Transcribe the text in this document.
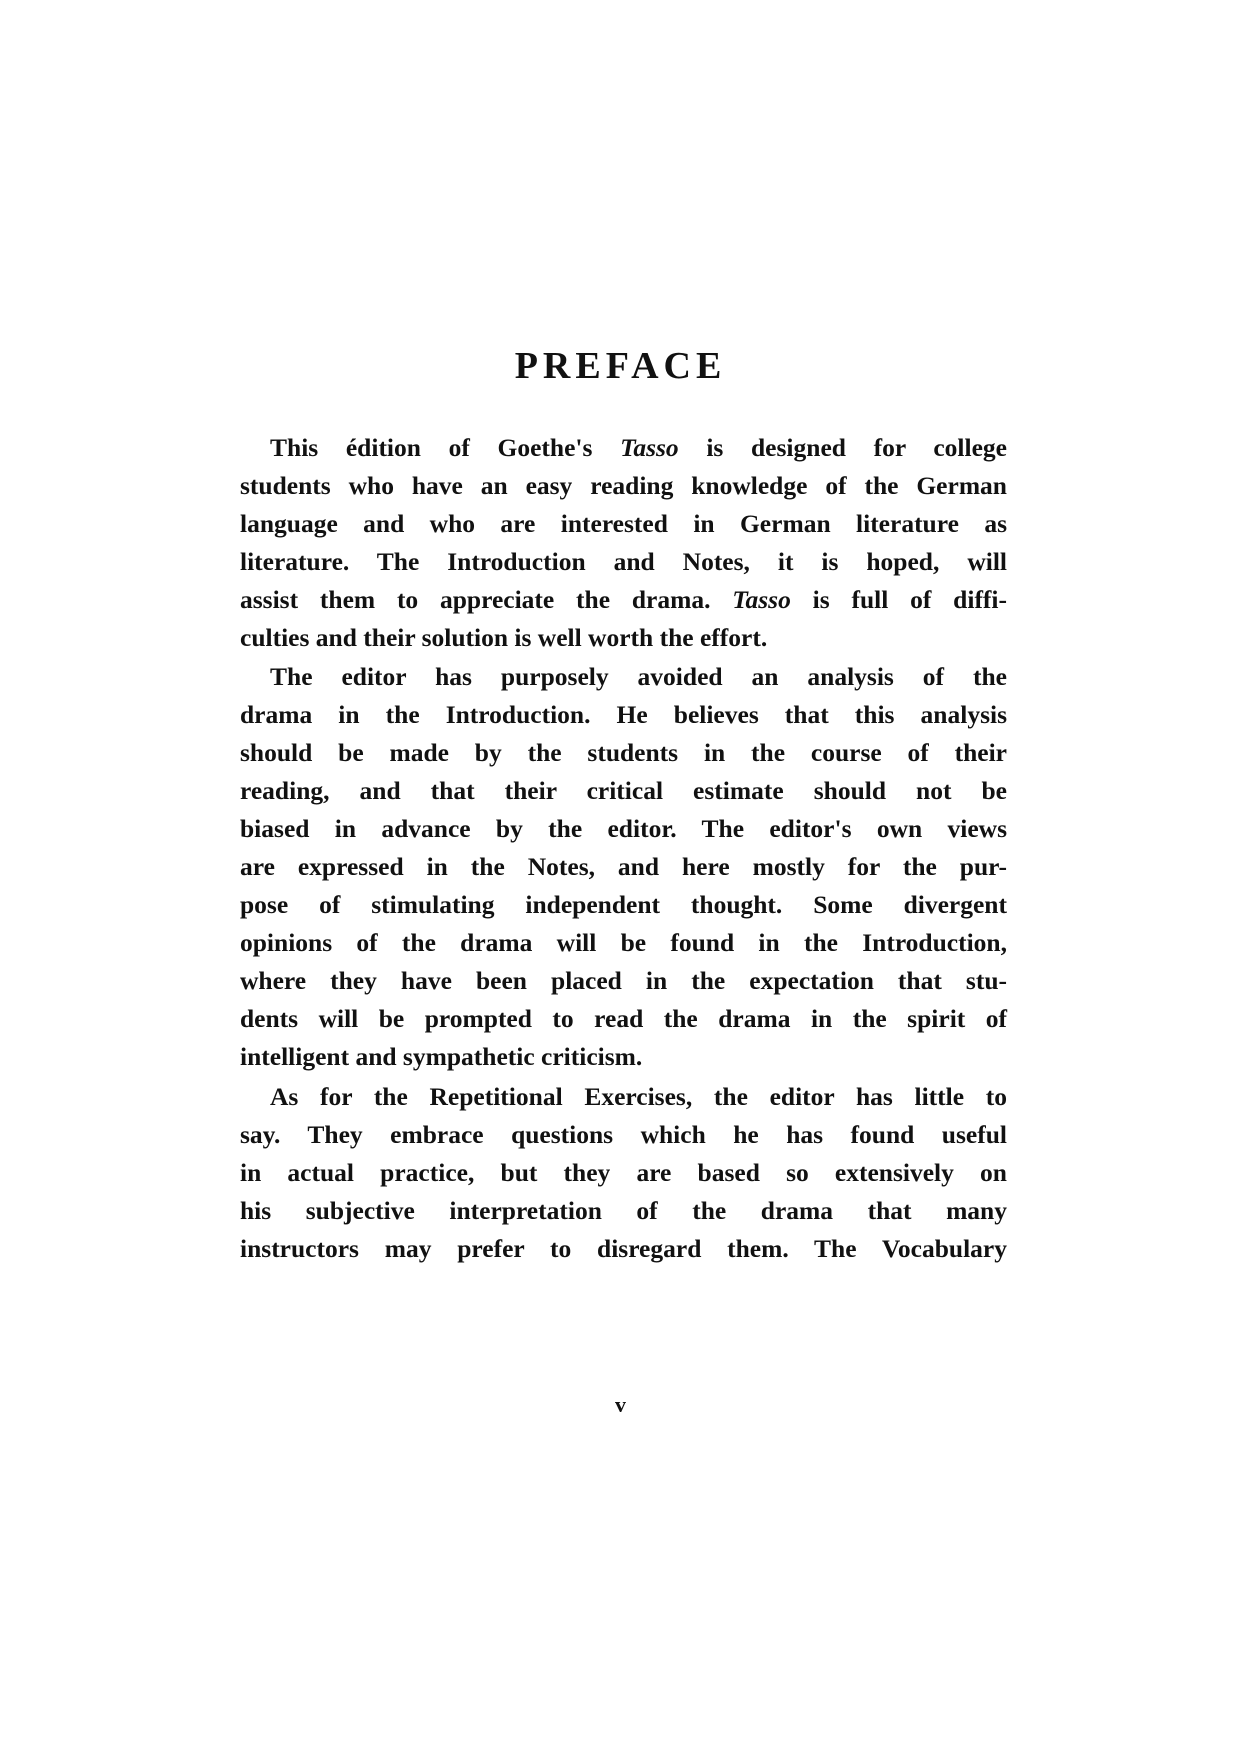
PREFACE
This édition of Goethe's Tasso is designed for college
students who have an easy reading knowledge of the German
language and who are interested in German literature as
literature. The Introduction and Notes, it is hoped, will
assist them to appreciate the drama. Tasso is full of diffi-
culties and their solution is well worth the effort.
The editor has purposely avoided an analysis of the
drama in the Introduction. He believes that this analysis
should be made by the students in the course of their
reading, and that their critical estimate should not be
biased in advance by the editor. The editor's own views
are expressed in the Notes, and here mostly for the pur-
pose of stimulating independent thought. Some divergent
opinions of the drama will be found in the Introduction,
where they have been placed in the expectation that stu-
dents will be prompted to read the drama in the spirit of
intelligent and sympathetic criticism.
As for the Repetitional Exercises, the editor has little to
say. They embrace questions which he has found useful
in actual practice, but they are based so extensively on
his subjective interpretation of the drama that many
instructors may prefer to disregard them. The Vocabulary
v
